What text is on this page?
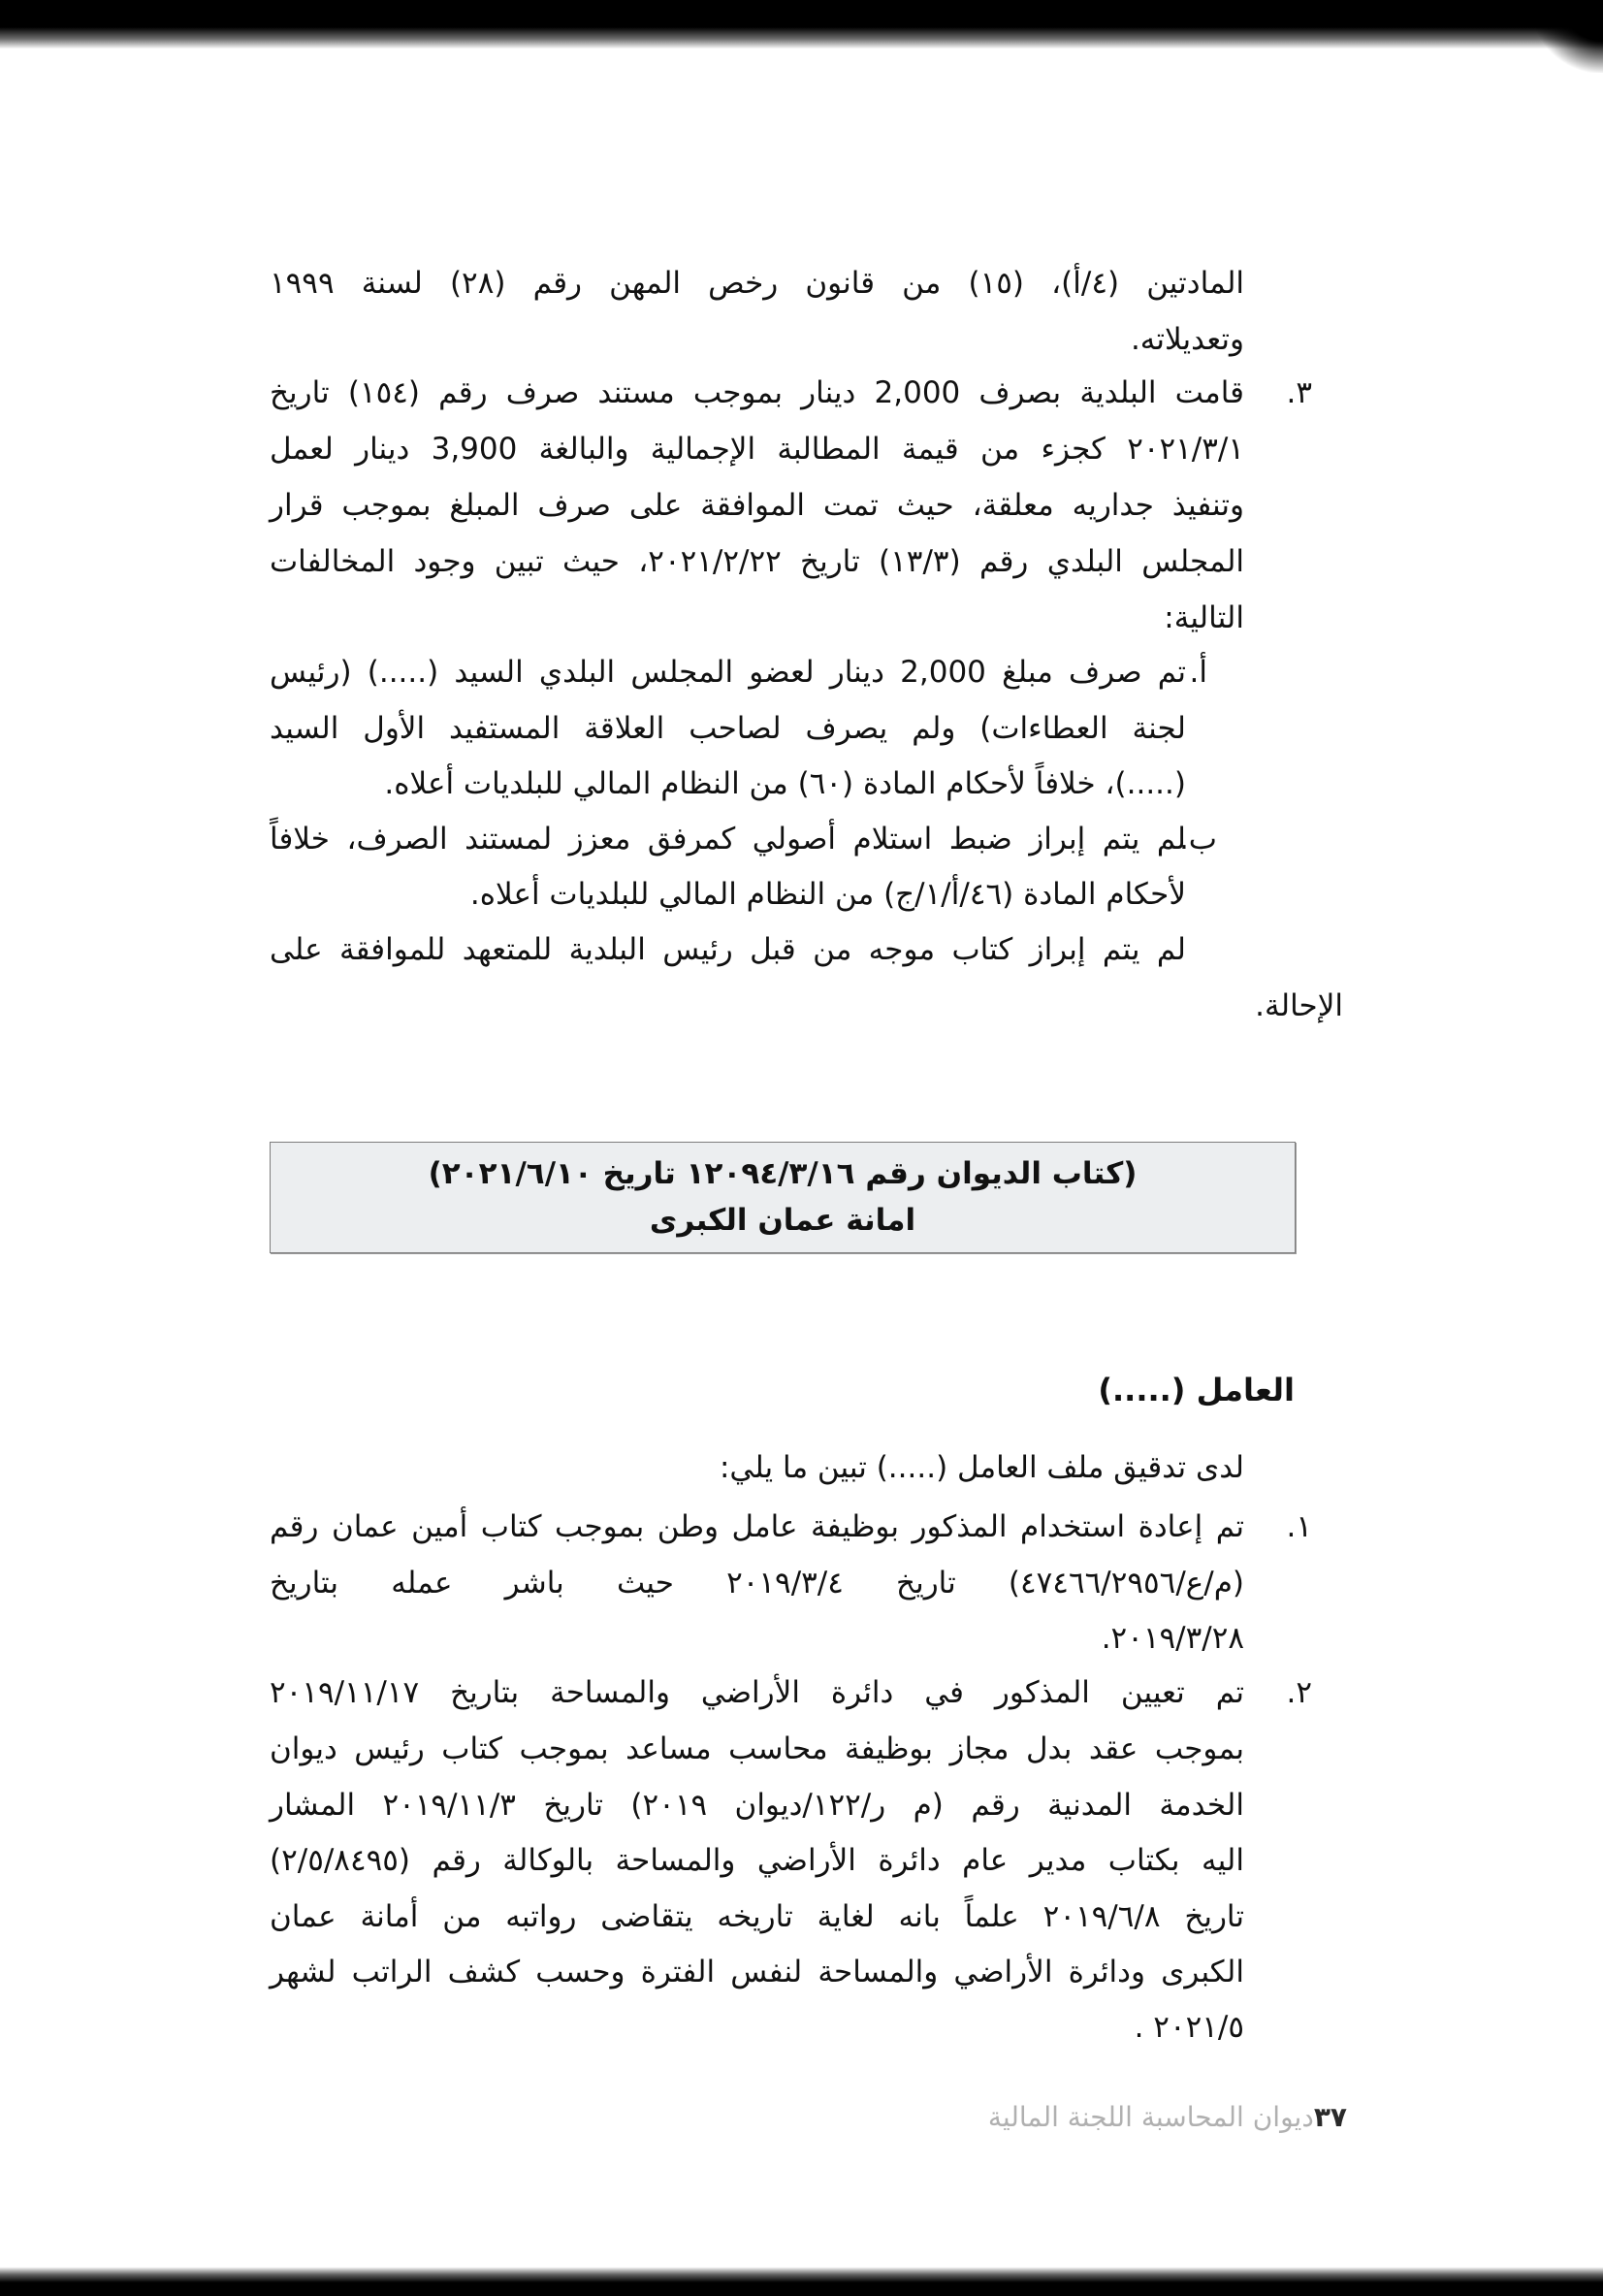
المادتين (٤/أ)، (١٥) من قانون رخص المهن رقم (٢٨) لسنة ١٩٩٩
وتعديلاته.
٣.
قامت البلدية بصرف 2,000 دينار بموجب مستند صرف رقم (١٥٤) تاريخ
٢٠٢١/٣/١ كجزء من قيمة المطالبة الإجمالية والبالغة 3,900 دينار لعمل
وتنفيذ جداريه معلقة، حيث تمت الموافقة على صرف المبلغ بموجب قرار
المجلس البلدي رقم (١٣/٣) تاريخ ٢٠٢١/٢/٢٢، حيث تبين وجود المخالفات
التالية:
أ.
تم صرف مبلغ 2,000 دينار لعضو المجلس البلدي السيد (.....) (رئيس
لجنة العطاءات) ولم يصرف لصاحب العلاقة المستفيد الأول السيد
(.....)، خلافاً لأحكام المادة (٦٠) من النظام المالي للبلديات أعلاه.
ب.
لم يتم إبراز ضبط استلام أصولي كمرفق معزز لمستند الصرف، خلافاً
لأحكام المادة (٤٦/أ/١/ج) من النظام المالي للبلديات أعلاه.
لم يتم إبراز كتاب موجه من قبل رئيس البلدية للمتعهد للموافقة على
الإحالة.
(كتاب الديوان رقم ١٢٠٩٤/٣/١٦ تاريخ ٢٠٢١/٦/١٠)
امانة عمان الكبرى
العامل (.....)
لدى تدقيق ملف العامل (.....) تبين ما يلي:
١.
تم إعادة استخدام المذكور بوظيفة عامل وطن بموجب كتاب أمين عمان رقم
(م/ع/٤٧٤٦٦/٢٩٥٦) تاريخ ٢٠١٩/٣/٤ حيث باشر عمله بتاريخ
٢٠١٩/٣/٢٨.
٢.
تم تعيين المذكور في دائرة الأراضي والمساحة بتاريخ ٢٠١٩/١١/١٧
بموجب عقد بدل مجاز بوظيفة محاسب مساعد بموجب كتاب رئيس ديوان
الخدمة المدنية رقم (م ر/١٢٢/ديوان ٢٠١٩) تاريخ ٢٠١٩/١١/٣ المشار
اليه بكتاب مدير عام دائرة الأراضي والمساحة بالوكالة رقم (٢/٥/٨٤٩٥)
تاريخ ٢٠١٩/٦/٨ علماً بانه لغاية تاريخه يتقاضى رواتبه من أمانة عمان
الكبرى ودائرة الأراضي والمساحة لنفس الفترة وحسب كشف الراتب لشهر
٢٠٢١/٥ .
٣٧ديوان المحاسبة اللجنة المالية
